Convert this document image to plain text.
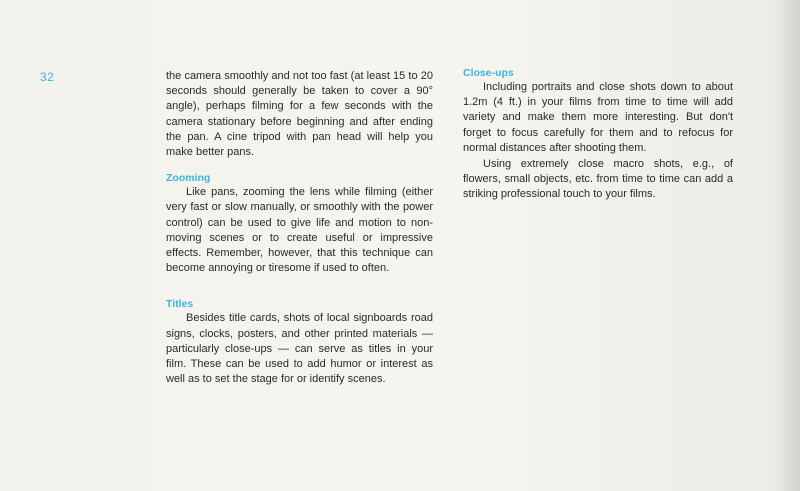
32	the camera smoothly and not too fast (at least 15 to 20 seconds should generally be taken to cover a 90° angle), perhaps filming for a few seconds with the camera stationary before beginning and after ending the pan. A cine tripod with pan head will help you make better pans.

Zooming

Like pans, zooming the lens while filming (either very fast or slow manually, or smoothly with the power control) can be used to give life and motion to non-moving scenes or to create useful or impressive effects. Remember, however, that this technique can become annoying or tiresome if used to often.

Titles

Besides title cards, shots of local signboards road signs, clocks, posters, and other printed materials — particularly close-ups — can serve as titles in your film. These can be used to add humor or interest as well as to set the stage for or identify scenes.

Close-ups

Including portraits and close shots down to about 1.2m (4 ft.) in your films from time to time will add variety and make them more interesting. But don't forget to focus carefully for them and to refocus for normal distances after shooting them.

Using extremely close macro shots, e.g., of flowers, small objects, etc. from time to time can add a striking professional touch to your films.
